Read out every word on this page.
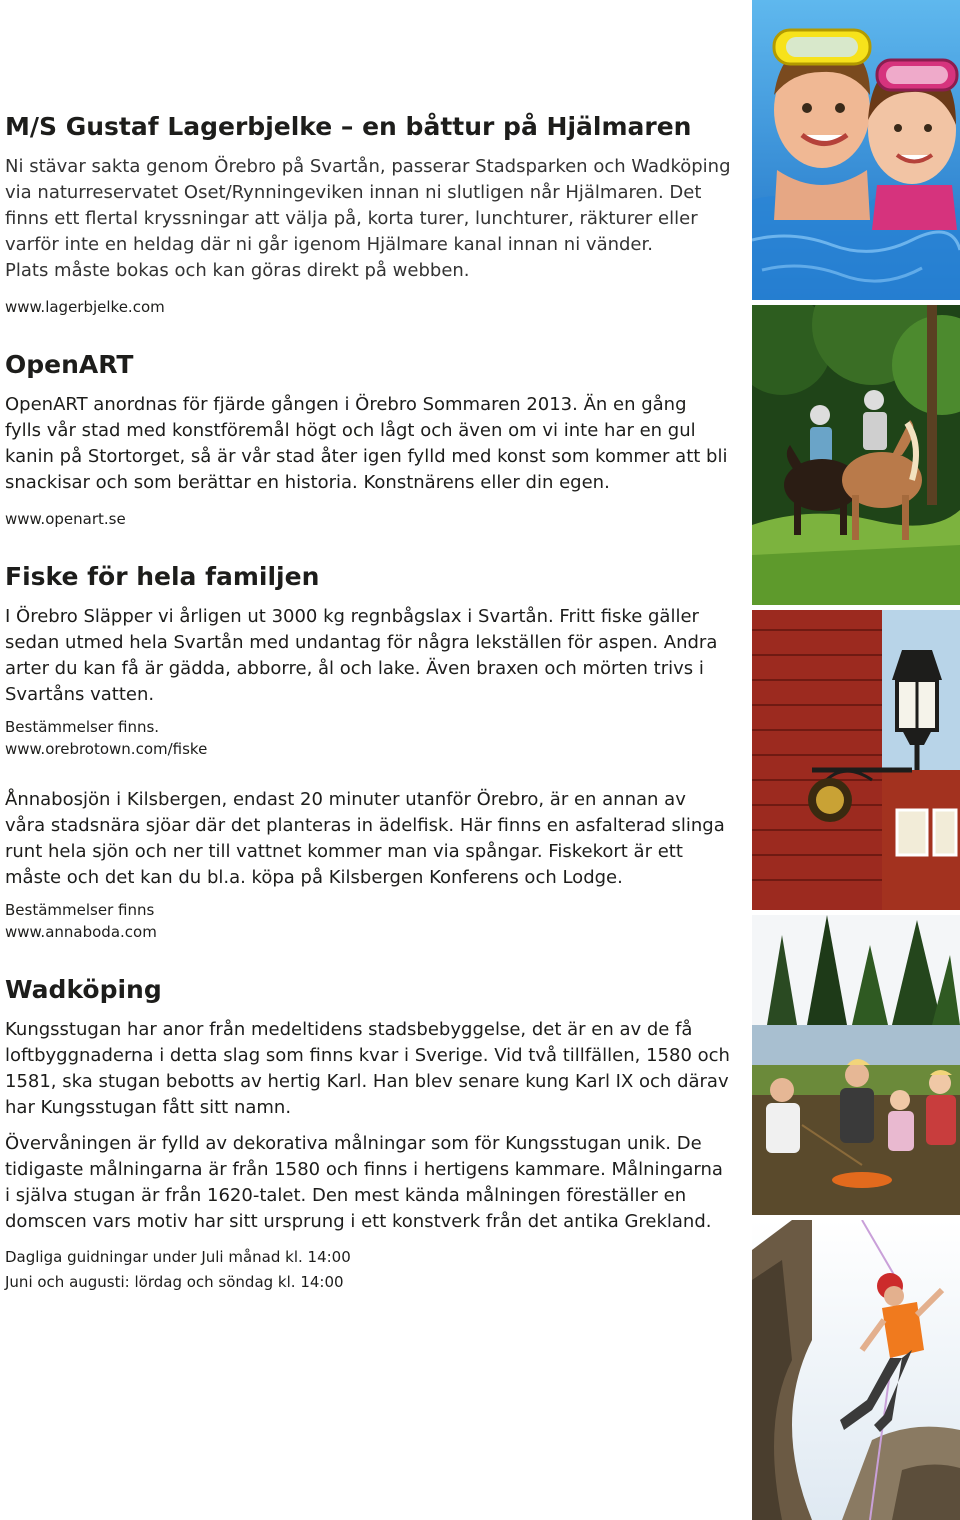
M/S Gustaf Lagerbjelke – en båttur på Hjälmaren

Ni stävar sakta genom Örebro på Svartån, passerar Stadsparken och Wadköping

via naturreservatet Oset/Rynningeviken innan ni slutligen når Hjälmaren. Det

finns ett flertal kryssningar att välja på, korta turer, lunchturer, räkturer eller

varför inte en heldag där ni går igenom Hjälmare kanal innan ni vänder.

Plats måste bokas och kan göras direkt på webben.

www.lagerbjelke.com

OpenART

OpenART anordnas för fjärde gången i Örebro Sommaren 2013. Än en gång

fylls vår stad med konstföremål högt och lågt och även om vi inte har en gul

kanin på Stortorget, så är vår stad åter igen fylld med konst som kommer att bli

snackisar och som berättar en historia. Konstnärens eller din egen.

www.openart.se

Fiske för hela familjen

I Örebro Släpper vi årligen ut 3000 kg regnbågslax i Svartån. Fritt fiske gäller

sedan utmed hela Svartån med undantag för några lekställen för aspen. Andra

arter du kan få är gädda, abborre, ål och lake. Även braxen och mörten trivs i

Svartåns vatten.

Bestämmelser finns.

www.orebrotown.com/fiske

Ånnabosjön i Kilsbergen, endast 20 minuter utanför Örebro, är en annan av

våra stadsnära sjöar där det planteras in ädelfisk. Här finns en asfalterad slinga

runt hela sjön och ner till vattnet kommer man via spångar. Fiskekort är ett

måste och det kan du bl.a. köpa på Kilsbergen Konferens och Lodge.

Bestämmelser finns

www.annaboda.com

Wadköping

Kungsstugan har anor från medeltidens stadsbebyggelse, det är en av de få

loftbyggnaderna i detta slag som finns kvar i Sverige. Vid två tillfällen, 1580 och

1581, ska stugan bebotts av hertig Karl. Han blev senare kung Karl IX och därav

har Kungsstugan fått sitt namn.

Övervåningen är fylld av dekorativa målningar som för Kungsstugan unik. De

tidigaste målningarna är från 1580 och finns i hertigens kammare. Målningarna

i själva stugan är från 1620-talet. Den mest kända målningen föreställer en

domscen vars motiv har sitt ursprung i ett konstverk från det antika Grekland.

Dagliga guidningar under Juli månad kl. 14:00

Juni och augusti: lördag och söndag kl. 14:00
